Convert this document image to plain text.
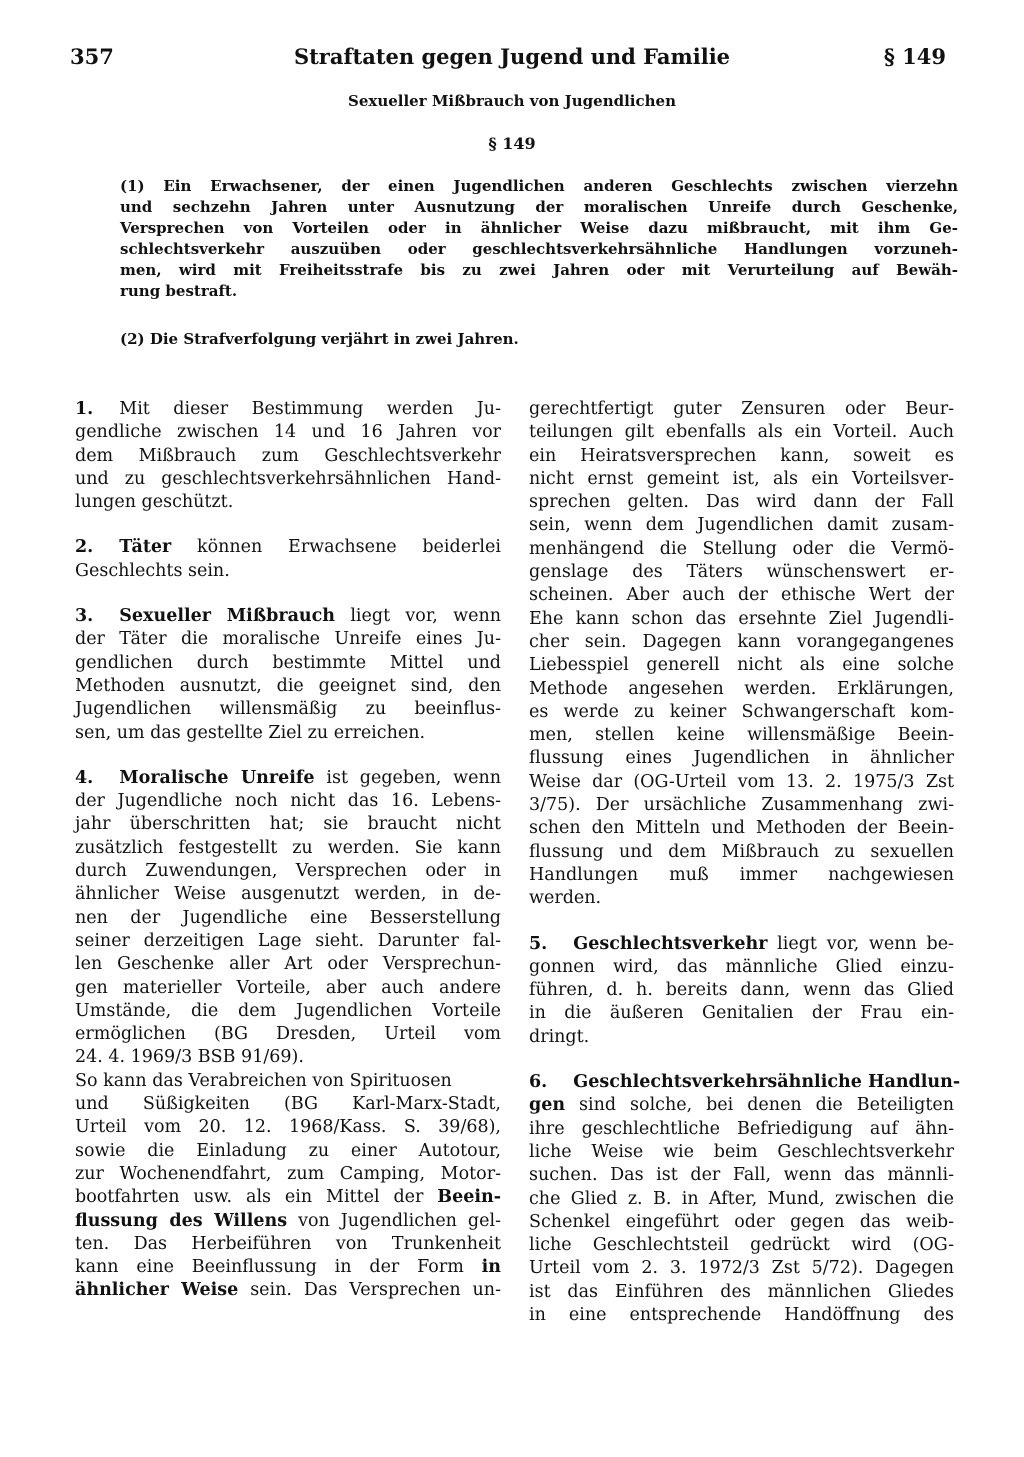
Straftaten gegen Jugend und Familie
357	§ 149
Sexueller Mißbrauch von Jugendlichen
§ 149
(1) Ein Erwachsener, der einen Jugendlichen anderen Geschlechts zwischen vierzehn
und sechzehn Jahren unter Ausnutzung der moralischen Unreife durch Geschenke,
Versprechen von Vorteilen oder in ähnlicher Weise dazu mißbraucht, mit ihm Ge-
schlechtsverkehr auszuüben oder geschlechtsverkehrsähnliche Handlungen vorzuneh-
men, wird mit Freiheitsstrafe bis zu zwei Jahren oder mit Verurteilung auf Bewäh-
rung bestraft.
(2) Die Strafverfolgung verjährt in zwei Jahren.

1. Mit dieser Bestimmung werden Ju-
gendliche zwischen 14 und 16 Jahren vor
dem Mißbrauch zum Geschlechtsverkehr
und zu geschlechtsverkehrsähnlichen Hand-
lungen geschützt.

2. Täter können Erwachsene beiderlei
Geschlechts sein.

3. Sexueller Mißbrauch liegt vor, wenn
der Täter die moralische Unreife eines Ju-
gendlichen durch bestimmte Mittel und
Methoden ausnutzt, die geeignet sind, den
Jugendlichen willensmäßig zu beeinflus-
sen, um das gestellte Ziel zu erreichen.

4. Moralische Unreife ist gegeben, wenn
der Jugendliche noch nicht das 16. Lebens-
jahr überschritten hat; sie braucht nicht
zusätzlich festgestellt zu werden. Sie kann
durch Zuwendungen, Versprechen oder in
ähnlicher Weise ausgenutzt werden, in de-
nen der Jugendliche eine Besserstellung
seiner derzeitigen Lage sieht. Darunter fal-
len Geschenke aller Art oder Versprechun-
gen materieller Vorteile, aber auch andere
Umstände, die dem Jugendlichen Vorteile
ermöglichen (BG Dresden, Urteil vom
24. 4. 1969/3 BSB 91/69).
So kann das Verabreichen von Spirituosen
und Süßigkeiten (BG Karl-Marx-Stadt,
Urteil vom 20. 12. 1968/Kass. S. 39/68),
sowie die Einladung zu einer Autotour,
zur Wochenendfahrt, zum Camping, Motor-
bootfahrten usw. als ein Mittel der Beein-
flussung des Willens von Jugendlichen gel-
ten. Das Herbeiführen von Trunkenheit
kann eine Beeinflussung in der Form in
ähnlicher Weise sein. Das Versprechen un-

gerechtfertigt guter Zensuren oder Beur-
teilungen gilt ebenfalls als ein Vorteil. Auch
ein Heiratsversprechen kann, soweit es
nicht ernst gemeint ist, als ein Vorteilsver-
sprechen gelten. Das wird dann der Fall
sein, wenn dem Jugendlichen damit zusam-
menhängend die Stellung oder die Vermö-
genslage des Täters wünschenswert er-
scheinen. Aber auch der ethische Wert der
Ehe kann schon das ersehnte Ziel Jugendli-
cher sein. Dagegen kann vorangegangenes
Liebesspiel generell nicht als eine solche
Methode angesehen werden. Erklärungen,
es werde zu keiner Schwangerschaft kom-
men, stellen keine willensmäßige Beein-
flussung eines Jugendlichen in ähnlicher
Weise dar (OG-Urteil vom 13. 2. 1975/3 Zst
3/75). Der ursächliche Zusammenhang zwi-
schen den Mitteln und Methoden der Beein-
flussung und dem Mißbrauch zu sexuellen
Handlungen muß immer nachgewiesen
werden.

5. Geschlechtsverkehr liegt vor, wenn be-
gonnen wird, das männliche Glied einzu-
führen, d. h. bereits dann, wenn das Glied
in die äußeren Genitalien der Frau ein-
dringt.

6. Geschlechtsverkehrsähnliche Handlun-
gen sind solche, bei denen die Beteiligten
ihre geschlechtliche Befriedigung auf ähn-
liche Weise wie beim Geschlechtsverkehr
suchen. Das ist der Fall, wenn das männli-
che Glied z. B. in After, Mund, zwischen die
Schenkel eingeführt oder gegen das weib-
liche Geschlechtsteil gedrückt wird (OG-
Urteil vom 2. 3. 1972/3 Zst 5/72). Dagegen
ist das Einführen des männlichen Gliedes
in eine entsprechende Handöffnung des
